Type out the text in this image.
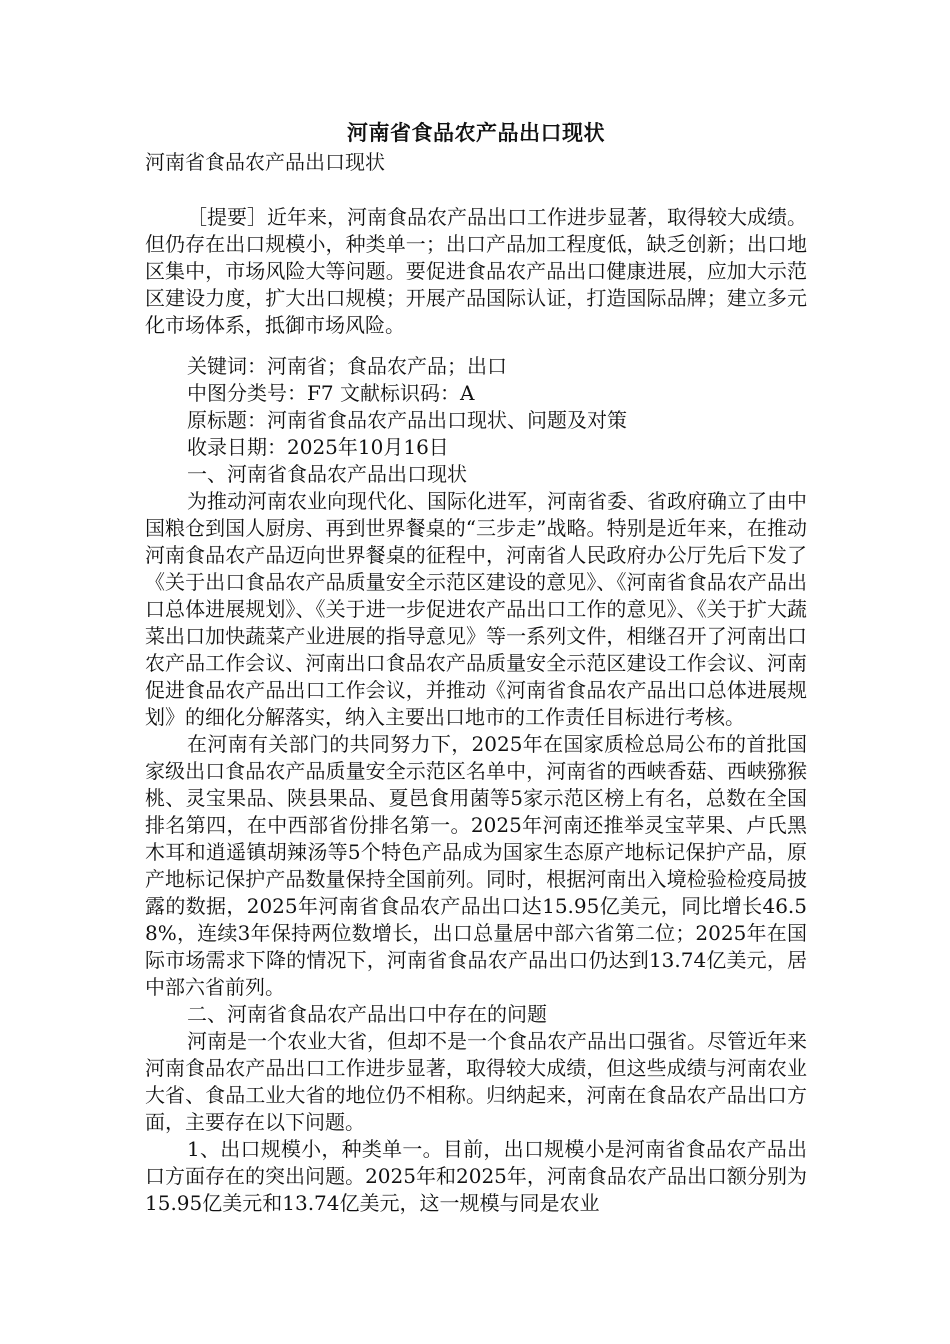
河南省食品农产品出口现状
河南省食品农产品出口现状

［提要］近年来，河南食品农产品出口工作进步显著，取得较大成绩。但仍存在出口规模小，种类单一；出口产品加工程度低，缺乏创新；出口地区集中，市场风险大等问题。要促进食品农产品出口健康进展，应加大示范区建设力度，扩大出口规模；开展产品国际认证，打造国际品牌；建立多元化市场体系，抵御市场风险。

关键词：河南省；食品农产品；出口

中图分类号：F7 文献标识码：A

原标题：河南省食品农产品出口现状、问题及对策

收录日期：2025年10月16日

一、河南省食品农产品出口现状

为推动河南农业向现代化、国际化进军，河南省委、省政府确立了由中国粮仓到国人厨房、再到世界餐桌的“三步走”战略。特别是近年来，在推动河南食品农产品迈向世界餐桌的征程中，河南省人民政府办公厅先后下发了《关于出口食品农产品质量安全示范区建设的意见》、《河南省食品农产品出口总体进展规划》、《关于进一步促进农产品出口工作的意见》、《关于扩大蔬菜出口加快蔬菜产业进展的指导意见》等一系列文件，相继召开了河南出口农产品工作会议、河南出口食品农产品质量安全示范区建设工作会议、河南促进食品农产品出口工作会议，并推动《河南省食品农产品出口总体进展规划》的细化分解落实，纳入主要出口地市的工作责任目标进行考核。

在河南有关部门的共同努力下，2025年在国家质检总局公布的首批国家级出口食品农产品质量安全示范区名单中，河南省的西峡香菇、西峡猕猴桃、灵宝果品、陕县果品、夏邑食用菌等5家示范区榜上有名，总数在全国排名第四，在中西部省份排名第一。2025年河南还推举灵宝苹果、卢氏黑木耳和逍遥镇胡辣汤等5个特色产品成为国家生态原产地标记保护产品，原产地标记保护产品数量保持全国前列。同时，根据河南出入境检验检疫局披露的数据，2025年河南省食品农产品出口达15.95亿美元，同比增长46.58%，连续3年保持两位数增长，出口总量居中部六省第二位；2025年在国际市场需求下降的情况下，河南省食品农产品出口仍达到13.74亿美元，居中部六省前列。

二、河南省食品农产品出口中存在的问题

河南是一个农业大省，但却不是一个食品农产品出口强省。尽管近年来河南食品农产品出口工作进步显著，取得较大成绩，但这些成绩与河南农业大省、食品工业大省的地位仍不相称。归纳起来，河南在食品农产品出口方面，主要存在以下问题。

1、出口规模小，种类单一。目前，出口规模小是河南省食品农产品出口方面存在的突出问题。2025年和2025年，河南食品农产品出口额分别为15.95亿美元和13.74亿美元，这一规模与同是农业
